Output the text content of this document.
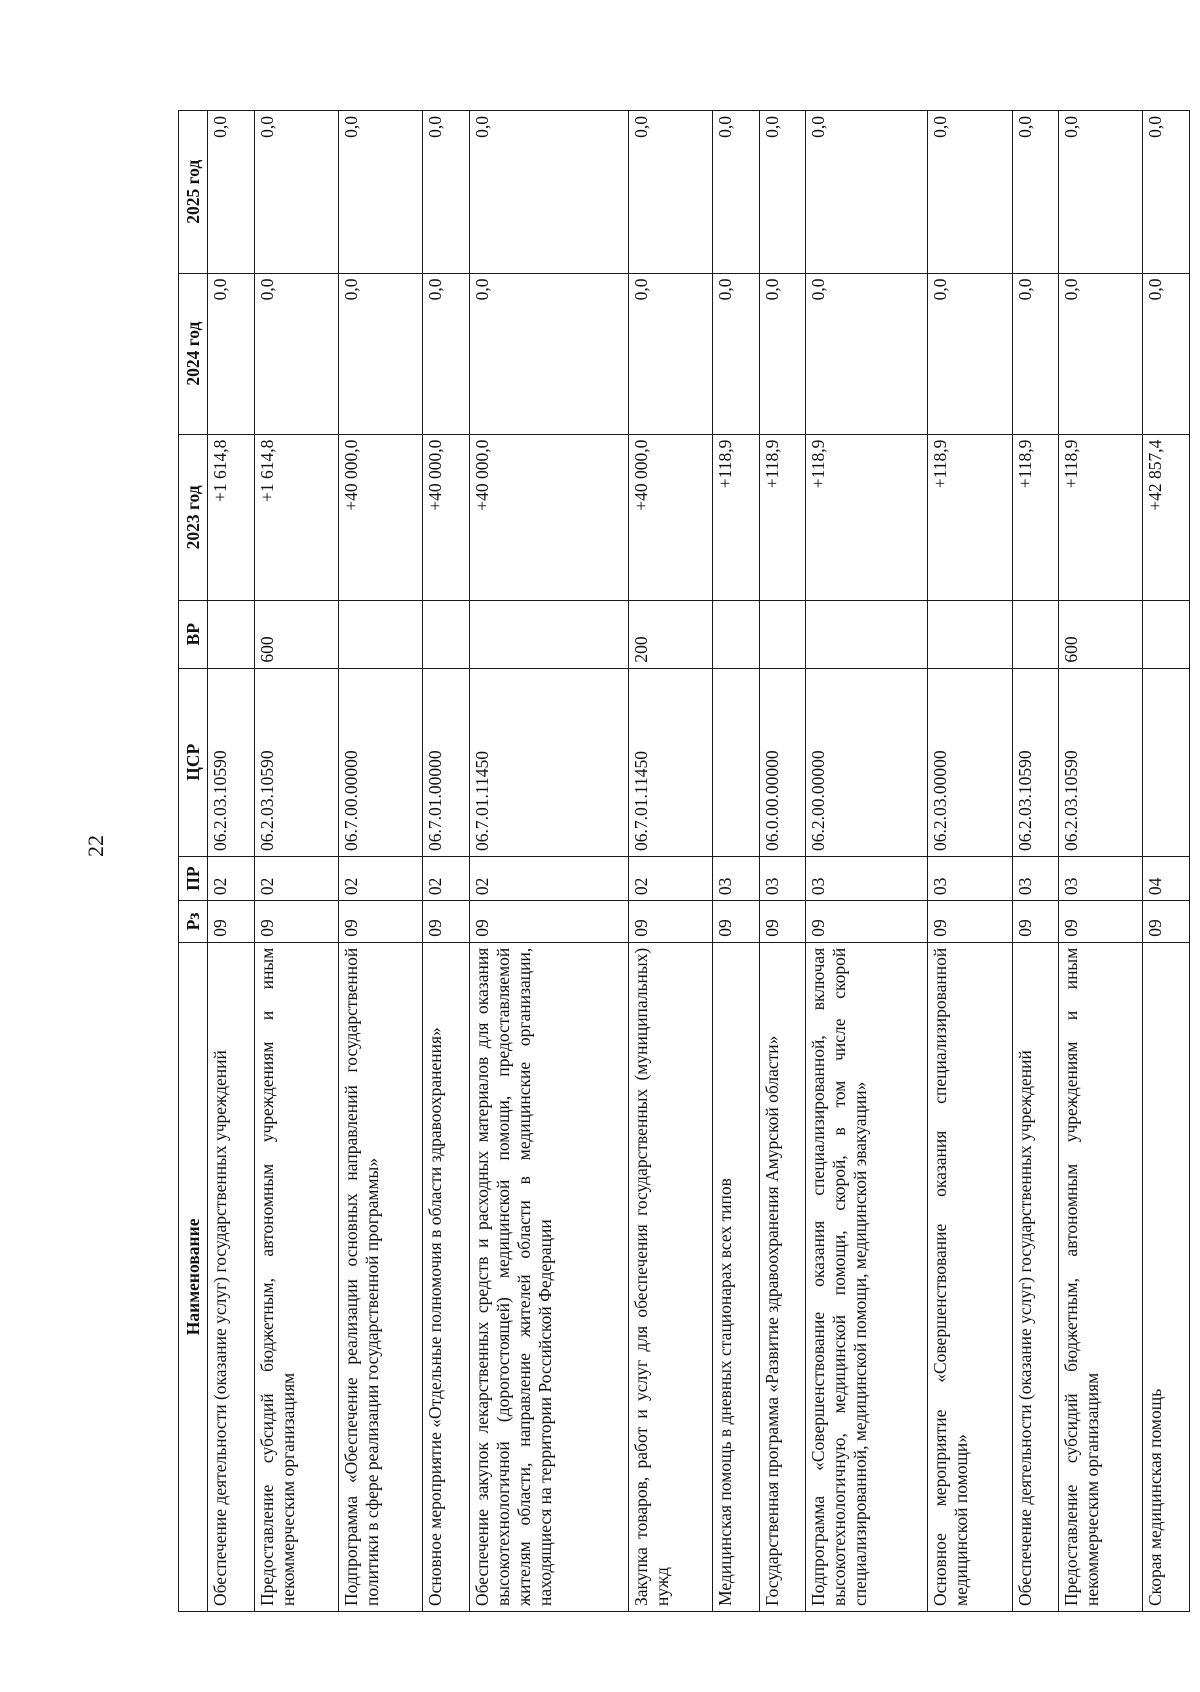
22
Наименование	Рз	ПР	ЦСР	ВР	2023 год	2024 год	2025 год
Обеспечение деятельности (оказание услуг) государственных учреждений	09	02	06.2.03.10590		+1 614,8	0,0	0,0
Предоставление субсидий бюджетным, автономным учреждениям и иным некоммерческим организациям	09	02	06.2.03.10590	600	+1 614,8	0,0	0,0
Подпрограмма «Обеспечение реализации основных направлений государственной политики в сфере реализации государственной программы»	09	02	06.7.00.00000		+40 000,0	0,0	0,0
Основное мероприятие «Отдельные полномочия в области здравоохранения»	09	02	06.7.01.00000		+40 000,0	0,0	0,0
Обеспечение закупок лекарственных средств и расходных материалов для оказания высокотехнологичной (дорогостоящей) медицинской помощи, предоставляемой жителям области, направление жителей области в медицинские организации, находящиеся на территории Российской Федерации	09	02	06.7.01.11450		+40 000,0	0,0	0,0
Закупка товаров, работ и услуг для обеспечения государственных (муниципальных) нужд	09	02	06.7.01.11450	200	+40 000,0	0,0	0,0
Медицинская помощь в дневных стационарах всех типов	09	03			+118,9	0,0	0,0
Государственная программа «Развитие здравоохранения Амурской области»	09	03	06.0.00.00000		+118,9	0,0	0,0
Подпрограмма «Совершенствование оказания специализированной, включая высокотехнологичную, медицинской помощи, скорой, в том числе скорой специализированной, медицинской помощи, медицинской эвакуации»	09	03	06.2.00.00000		+118,9	0,0	0,0
Основное мероприятие «Совершенствование оказания специализированной медицинской помощи»	09	03	06.2.03.00000		+118,9	0,0	0,0
Обеспечение деятельности (оказание услуг) государственных учреждений	09	03	06.2.03.10590		+118,9	0,0	0,0
Предоставление субсидий бюджетным, автономным учреждениям и иным некоммерческим организациям	09	03	06.2.03.10590	600	+118,9	0,0	0,0
Скорая медицинская помощь	09	04			+42 857,4	0,0	0,0
